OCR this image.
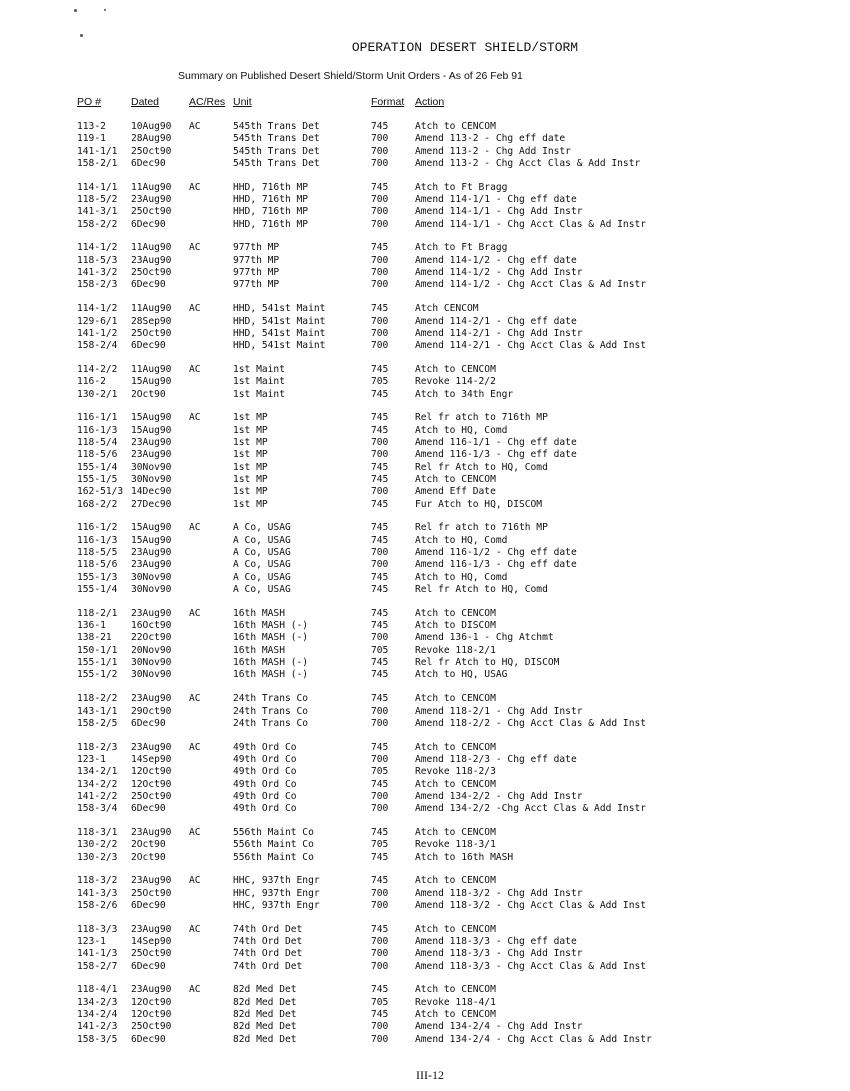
OPERATION DESERT SHIELD/STORM
Summary on Published Desert Shield/Storm Unit Orders - As of 26 Feb 91
PO #	Dated	AC/Res Unit	Format Action
113-2	10Aug90 AC	545th Trans Det	745	Atch to CENCOM
119-1	28Aug90	545th Trans Det	700	Amend 113-2 - Chg eff date
141-1/1 25Oct90	545th Trans Det	700	Amend 113-2 - Chg Add Instr
158-2/1 6Dec90	545th Trans Det	700	Amend 113-2 - Chg Acct Clas & Add Instr
114-1/1 11Aug90 AC	HHD, 716th MP	745	Atch to Ft Bragg
118-5/2 23Aug90	HHD, 716th MP	700	Amend 114-1/1 - Chg eff date
141-3/1 25Oct90	HHD, 716th MP	700	Amend 114-1/1 - Chg Add Instr
158-2/2 6Dec90	HHD, 716th MP	700	Amend 114-1/1 - Chg Acct Clas & Ad Instr
114-1/2 11Aug90 AC	977th MP	745	Atch to Ft Bragg
118-5/3 23Aug90	977th MP	700	Amend 114-1/2 - Chg eff date
141-3/2 25Oct90	977th MP	700	Amend 114-1/2 - Chg Add Instr
158-2/3 6Dec90	977th MP	700	Amend 114-1/2 - Chg Acct Clas & Ad Instr
114-1/2 11Aug90 AC	HHD, 541st Maint	745	Atch CENCOM
129-6/1 28Sep90	HHD, 541st Maint	700	Amend 114-2/1 - Chg eff date
141-1/2 25Oct90	HHD, 541st Maint	700	Amend 114-2/1 - Chg Add Instr
158-2/4 6Dec90	HHD, 541st Maint	700	Amend 114-2/1 - Chg Acct Clas & Add Inst
114-2/2 11Aug90 AC	1st Maint	745	Atch to CENCOM
116-2	15Aug90	1st Maint	705	Revoke 114-2/2
130-2/1 2Oct90	1st Maint	745	Atch to 34th Engr
116-1/1 15Aug90 AC	1st MP	745	Rel fr atch to 716th MP
116-1/3 15Aug90	1st MP	745	Atch to HQ, Comd
118-5/4 23Aug90	1st MP	700	Amend 116-1/1 - Chg eff date
118-5/6 23Aug90	1st MP	700	Amend 116-1/3 - Chg eff date
155-1/4 30Nov90	1st MP	745	Rel fr Atch to HQ, Comd
155-1/5 30Nov90	1st MP	745	Atch to CENCOM
162-51/3 14Dec90	1st MP	700	Amend Eff Date
168-2/2 27Dec90	1st MP	745	Fur Atch to HQ, DISCOM
116-1/2 15Aug90 AC	A Co, USAG	745	Rel fr atch to 716th MP
116-1/3 15Aug90	A Co, USAG	745	Atch to HQ, Comd
118-5/5 23Aug90	A Co, USAG	700	Amend 116-1/2 - Chg eff date
118-5/6 23Aug90	A Co, USAG	700	Amend 116-1/3 - Chg eff date
155-1/3 30Nov90	A Co, USAG	745	Atch to HQ, Comd
155-1/4 30Nov90	A Co, USAG	745	Rel fr Atch to HQ, Comd
118-2/1 23Aug90 AC	16th MASH	745	Atch to CENCOM
136-1	16Oct90	16th MASH (-)	745	Atch to DISCOM
138-21 22Oct90	16th MASH (-)	700	Amend 136-1 - Chg Atchmt
150-1/1 20Nov90	16th MASH	705	Revoke 118-2/1
155-1/1 30Nov90	16th MASH (-)	745	Rel fr Atch to HQ, DISCOM
155-1/2 30Nov90	16th MASH (-)	745	Atch to HQ, USAG
118-2/2 23Aug90 AC	24th Trans Co	745	Atch to CENCOM
143-1/1 29Oct90	24th Trans Co	700	Amend 118-2/1 - Chg Add Instr
158-2/5 6Dec90	24th Trans Co	700	Amend 118-2/2 - Chg Acct Clas & Add Inst
118-2/3 23Aug90 AC	49th Ord Co	745	Atch to CENCOM
123-1	14Sep90	49th Ord Co	700	Amend 118-2/3 - Chg eff date
134-2/1 12Oct90	49th Ord Co	705	Revoke 118-2/3
134-2/2 12Oct90	49th Ord Co	745	Atch to CENCOM
141-2/2 25Oct90	49th Ord Co	700	Amend 134-2/2 - Chg Add Instr
158-3/4 6Dec90	49th Ord Co	700	Amend 134-2/2 -Chg Acct Clas & Add Instr
118-3/1 23Aug90 AC	556th Maint Co	745	Atch to CENCOM
130-2/2 2Oct90	556th Maint Co	705	Revoke 118-3/1
130-2/3 2Oct90	556th Maint Co	745	Atch to 16th MASH
118-3/2 23Aug90 AC	HHC, 937th Engr	745	Atch to CENCOM
141-3/3 25Oct90	HHC, 937th Engr	700	Amend 118-3/2 - Chg Add Instr
158-2/6 6Dec90	HHC, 937th Engr	700	Amend 118-3/2 - Chg Acct Clas & Add Inst
118-3/3 23Aug90 AC	74th Ord Det	745	Atch to CENCOM
123-1	14Sep90	74th Ord Det	700	Amend 118-3/3 - Chg eff date
141-1/3 25Oct90	74th Ord Det	700	Amend 118-3/3 - Chg Add Instr
158-2/7 6Dec90	74th Ord Det	700	Amend 118-3/3 - Chg Acct Clas & Add Inst
118-4/1 23Aug90 AC	82d Med Det	745	Atch to CENCOM
134-2/3 12Oct90	82d Med Det	705	Revoke 118-4/1
134-2/4 12Oct90	82d Med Det	745	Atch to CENCOM
141-2/3 25Oct90	82d Med Det	700	Amend 134-2/4 - Chg Add Instr
158-3/5 6Dec90	82d Med Det	700	Amend 134-2/4 - Chg Acct Clas & Add Instr
III-12
